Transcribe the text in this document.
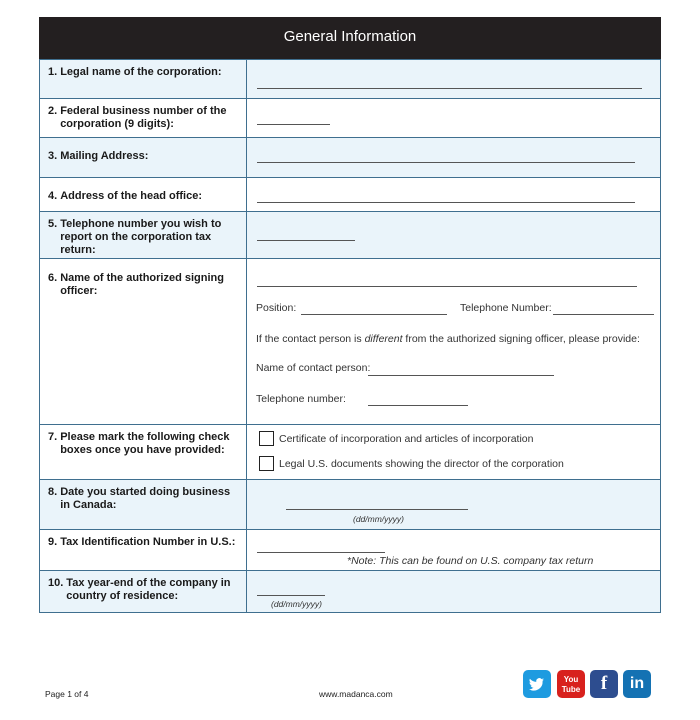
General Information
1. Legal name of the corporation:	

2. Federal business number of the corporation (9 digits):	

3. Mailing Address:	

4. Address of the head office:	

5. Telephone number you wish to report on the corporation tax return:	

6. Name of the authorized signing officer:	Position: Telephone Number:
If the contact person is different from the authorized signing officer, please provide:
Name of contact person:
Telephone number:

7. Please mark the following check boxes once you have provided:	Certificate of incorporation and articles of incorporation
Legal U.S. documents showing the director of the corporation

8. Date you started doing business in Canada:	(dd/mm/yyyy)

9. Tax Identification Number in U.S.:	*Note: This can be found on U.S. company tax return

10. Tax year-end of the company in country of residence:	(dd/mm/yyyy)
Page 1 of 4	www.madanca.com
You
Tube	f	in
